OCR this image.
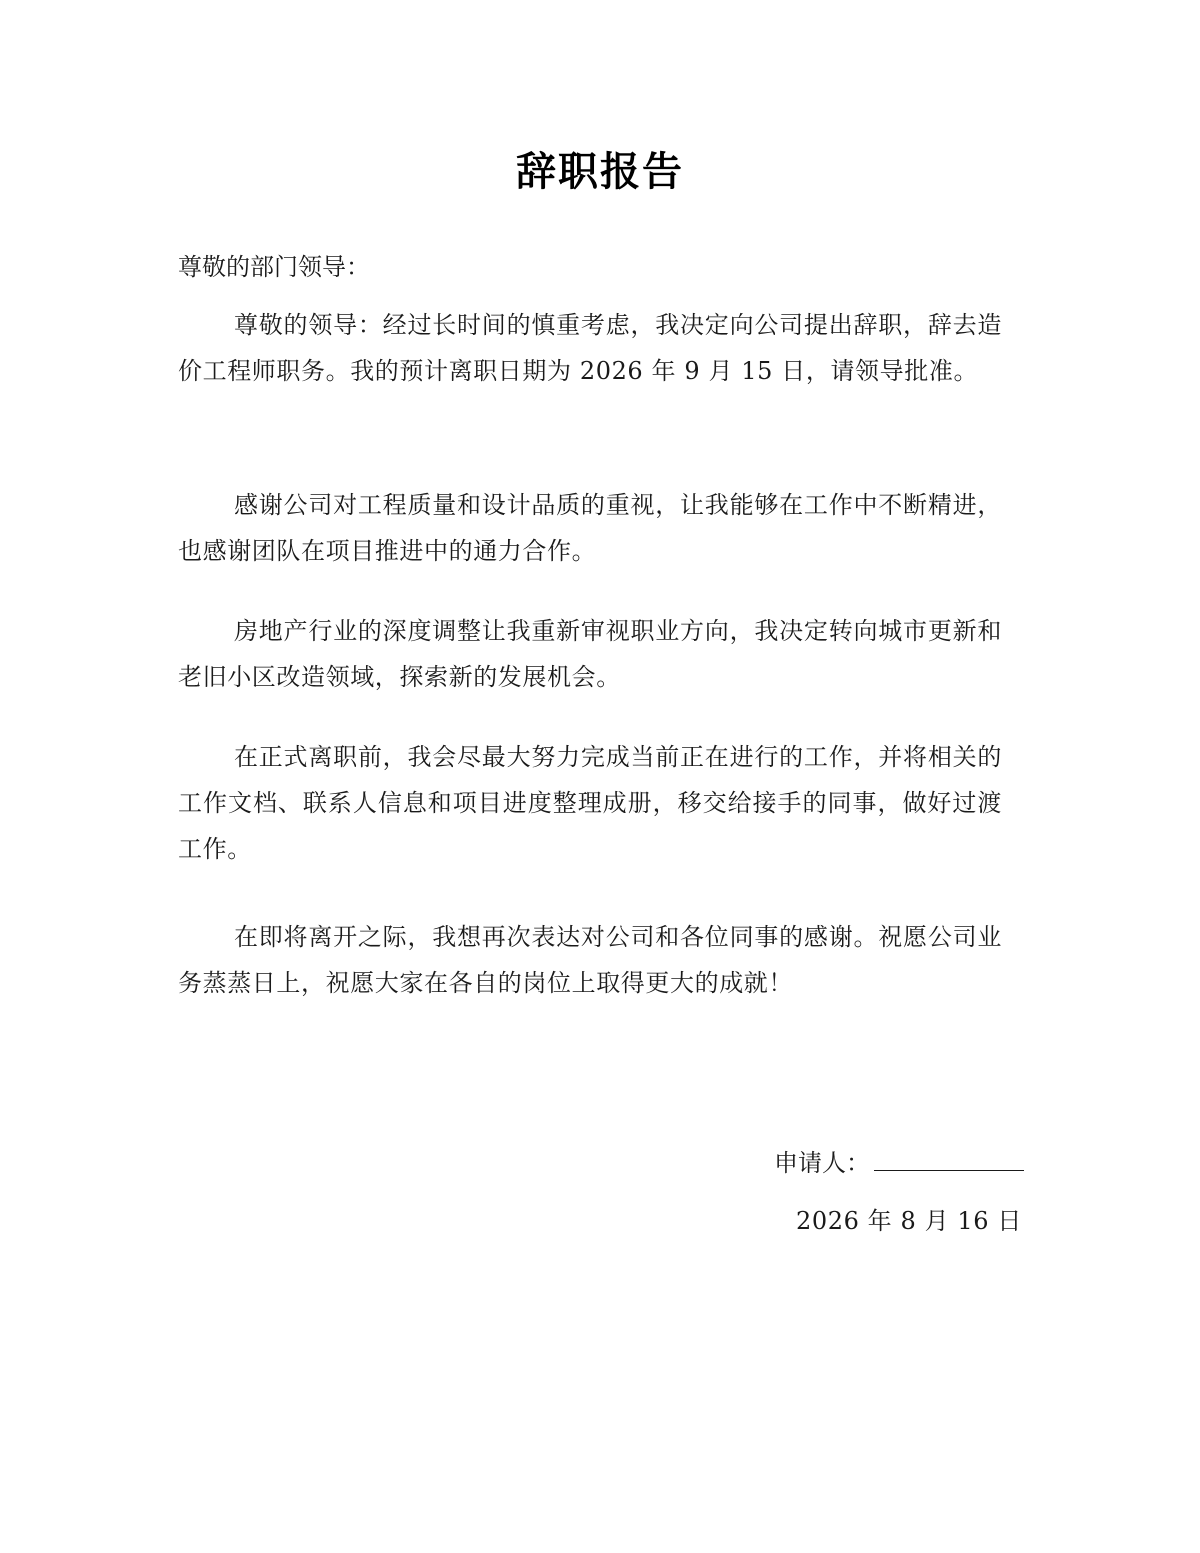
辞职报告

尊敬的部门领导：

尊敬的领导：经过长时间的慎重考虑，我决定向公司提出辞职，辞去造价工程师职务。我的预计离职日期为 2026 年 9 月 15 日，请领导批准。

感谢公司对工程质量和设计品质的重视，让我能够在工作中不断精进，也感谢团队在项目推进中的通力合作。

房地产行业的深度调整让我重新审视职业方向，我决定转向城市更新和老旧小区改造领域，探索新的发展机会。

在正式离职前，我会尽最大努力完成当前正在进行的工作，并将相关的工作文档、联系人信息和项目进度整理成册，移交给接手的同事，做好过渡工作。

在即将离开之际，我想再次表达对公司和各位同事的感谢。祝愿公司业务蒸蒸日上，祝愿大家在各自的岗位上取得更大的成就！

申请人：

2026 年 8 月 16 日
